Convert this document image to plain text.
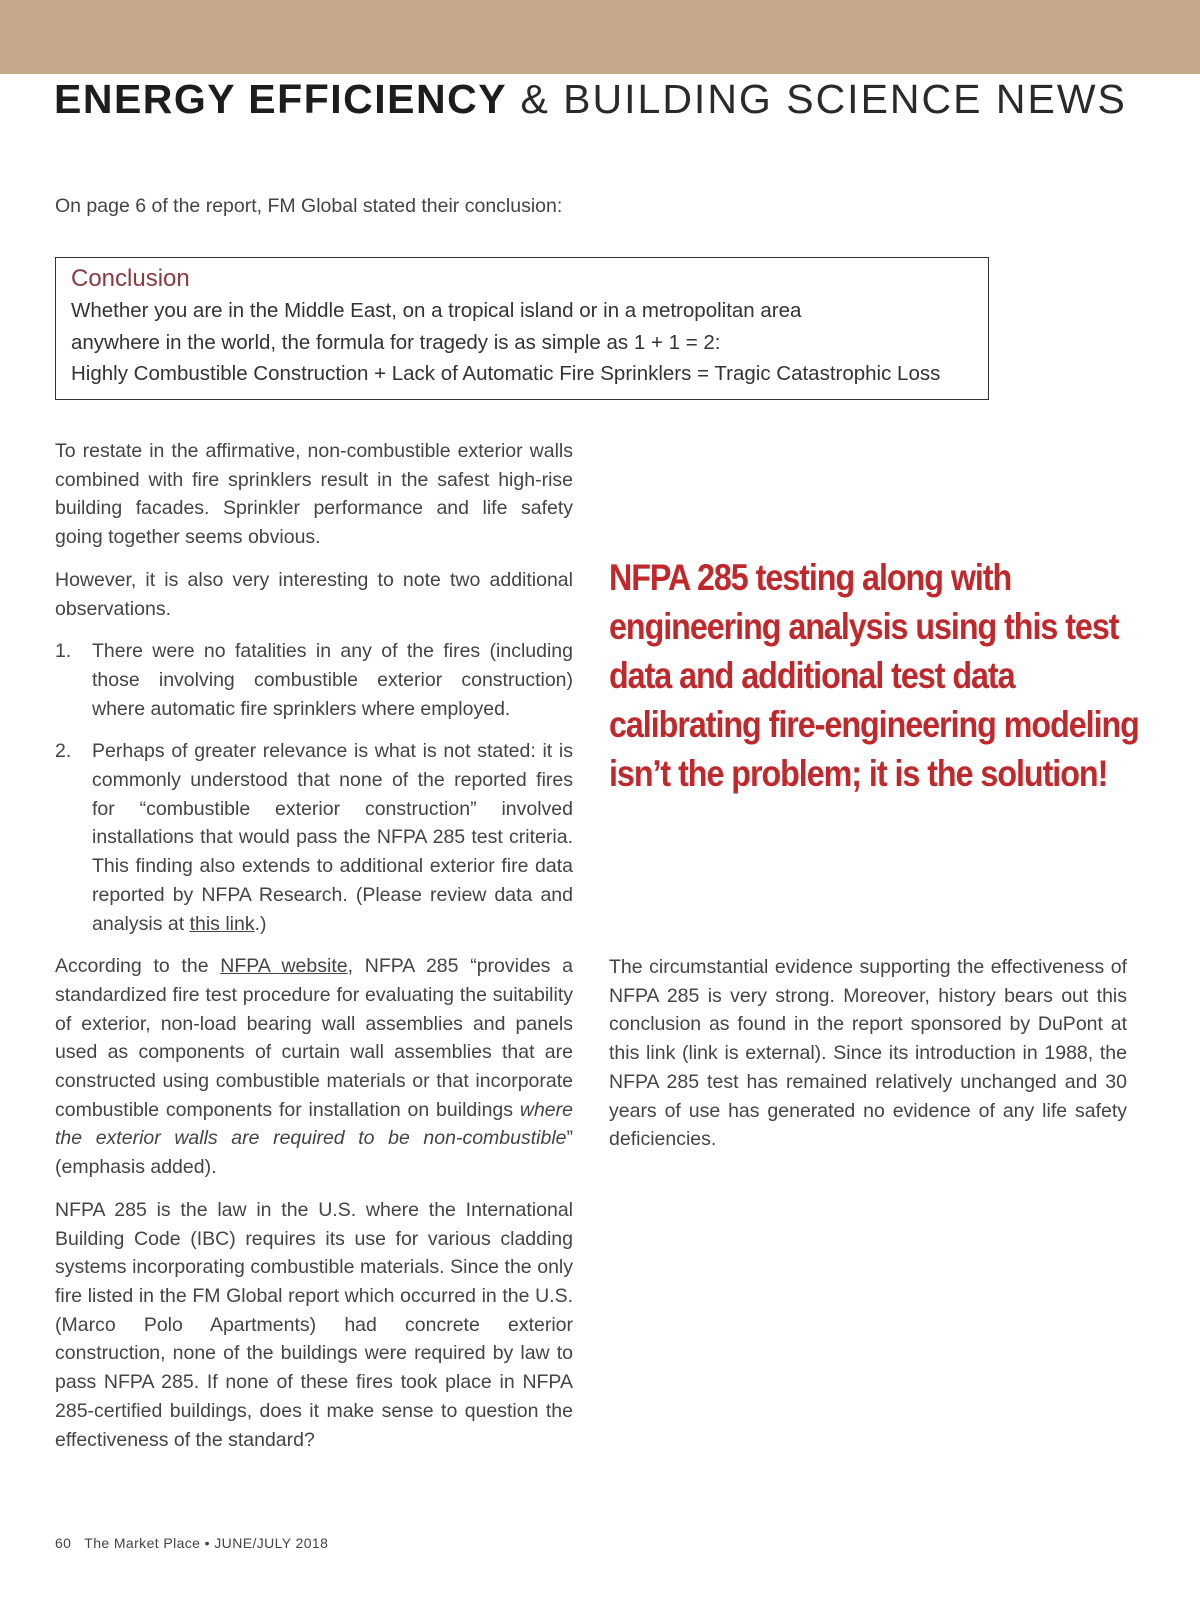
ENERGY EFFICIENCY & BUILDING SCIENCE NEWS

On page 6 of the report, FM Global stated their conclusion:

Conclusion
Whether you are in the Middle East, on a tropical island or in a metropolitan area
anywhere in the world, the formula for tragedy is as simple as 1 + 1 = 2:
Highly Combustible Construction + Lack of Automatic Fire Sprinklers = Tragic Catastrophic Loss

To restate in the affirmative, non-combustible exterior walls combined with fire sprinklers result in the safest high-rise building facades. Sprinkler performance and life safety going together seems obvious.

However, it is also very interesting to note two additional observations.

1. There were no fatalities in any of the fires (including those involving combustible exterior construction) where automatic fire sprinklers where employed.
2. Perhaps of greater relevance is what is not stated: it is commonly understood that none of the reported fires for “combustible exterior construction” involved installations that would pass the NFPA 285 test criteria. This finding also extends to additional exterior fire data reported by NFPA Research. (Please review data and analysis at this link.)

According to the NFPA website, NFPA 285 “provides a standardized fire test procedure for evaluating the suitability of exterior, non-load bearing wall assemblies and panels used as components of curtain wall assemblies that are constructed using combustible materials or that incorporate combustible components for installation on buildings where the exterior walls are required to be non-combustible” (emphasis added).

NFPA 285 is the law in the U.S. where the International Building Code (IBC) requires its use for various cladding systems incorporating combustible materials. Since the only fire listed in the FM Global report which occurred in the U.S. (Marco Polo Apartments) had concrete exterior construction, none of the buildings were required by law to pass NFPA 285. If none of these fires took place in NFPA 285-certified buildings, does it make sense to question the effectiveness of the standard?

NFPA 285 testing along with engineering analysis using this test data and additional test data calibrating fire-engineering modeling isn’t the problem; it is the solution!

The circumstantial evidence supporting the effectiveness of NFPA 285 is very strong. Moreover, history bears out this conclusion as found in the report sponsored by DuPont at this link (link is external). Since its introduction in 1988, the NFPA 285 test has remained relatively unchanged and 30 years of use has generated no evidence of any life safety deficiencies.

60 The Market Place • JUNE/JULY 2018
